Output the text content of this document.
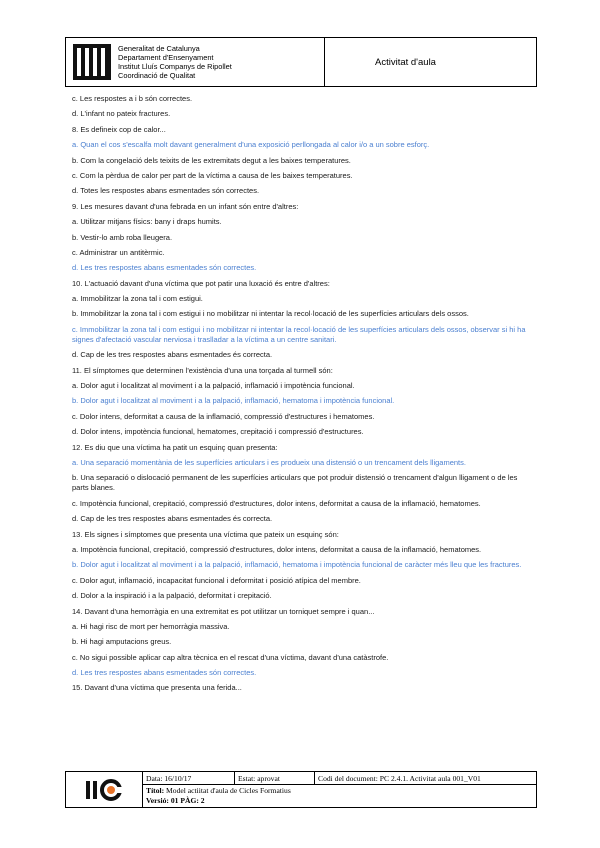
Generalitat de Catalunya
Departament d'Ensenyament
Institut Lluís Companys de Ripollet
Coordinació de Qualitat
Activitat d'aula
c. Les respostes a i b són correctes.
d. L'infant no pateix fractures.
8. Es defineix cop de calor...
a. Quan el cos s'escalfa molt davant generalment d'una exposició perllongada al calor i/o a un sobre esforç.
b. Com la congelació dels teixits de les extremitats degut a les baixes temperatures.
c. Com la pèrdua de calor per part de la víctima a causa de les baixes temperatures.
d. Totes les respostes abans esmentades són correctes.
9. Les mesures davant d'una febrada en un infant són entre d'altres:
a. Utilitzar mitjans físics: bany i draps humits.
b. Vestir-lo amb roba lleugera.
c. Administrar un antitèrmic.
d. Les tres respostes abans esmentades són correctes.
10. L'actuació davant d'una víctima que pot patir una luxació és entre d'altres:
a. Immobilitzar la zona tal i com estigui.
b. Immobilitzar la zona tal i com estigui i no mobilitzar ni intentar la recol·locació de les superfícies articulars dels ossos.
c. Immobilitzar la zona tal i com estigui i no mobilitzar ni intentar la recol·locació de les superfícies articulars dels ossos, observar si hi ha signes d'afectació vascular nerviosa i traslladar a la víctima a un centre sanitari.
d. Cap de les tres respostes abans esmentades és correcta.
11. El símptomes que determinen l'existència d'una una torçada al turmell són:
a. Dolor agut i localitzat al moviment i a la palpació, inflamació i impotència funcional.
b. Dolor agut i localitzat al moviment i a la palpació, inflamació, hematoma i impotència funcional.
c. Dolor intens, deformitat a causa de la inflamació, compressió d'estructures i hematomes.
d. Dolor intens, impotència funcional, hematomes, crepitació i compressió d'estructures.
12. Es diu que una víctima ha patit un esquinç quan presenta:
a. Una separació momentània de les superfícies articulars i es produeix una distensió o un trencament dels lligaments.
b. Una separació o dislocació permanent de les superfícies articulars que pot produir distensió o trencament d'algun lligament o de les parts blanes.
c. Impotència funcional, crepitació, compressió d'estructures, dolor intens, deformitat a causa de la inflamació, hematomes.
d. Cap de les tres respostes abans esmentades és correcta.
13. Els signes i símptomes que presenta una víctima que pateix un esquinç són:
a. Impotència funcional, crepitació, compressió d'estructures, dolor intens, deformitat a causa de la inflamació, hematomes.
b. Dolor agut i localitzat al moviment i a la palpació, inflamació, hematoma i impotència funcional de caràcter més lleu que les fractures.
c. Dolor agut, inflamació, incapacitat funcional i deformitat i posició atípica del membre.
d. Dolor a la inspiració i a la palpació, deformitat i crepitació.
14. Davant d'una hemorràgia en una extremitat es pot utilitzar un torniquet sempre i quan...
a. Hi hagi risc de mort per hemorràgia massiva.
b. Hi hagi amputacions greus.
c. No sigui possible aplicar cap altra tècnica en el rescat d'una víctima, davant d'una catàstrofe.
d. Les tres respostes abans esmentades són correctes.
15. Davant d'una víctima que presenta una ferida...
Data: 16/10/17	Estat: aprovat	Codi del document: PC 2.4.1. Activitat aula 001_V01
Títol: Model actiitat d'aula de Cicles Formatius
Versió: 01 PÀG: 2
